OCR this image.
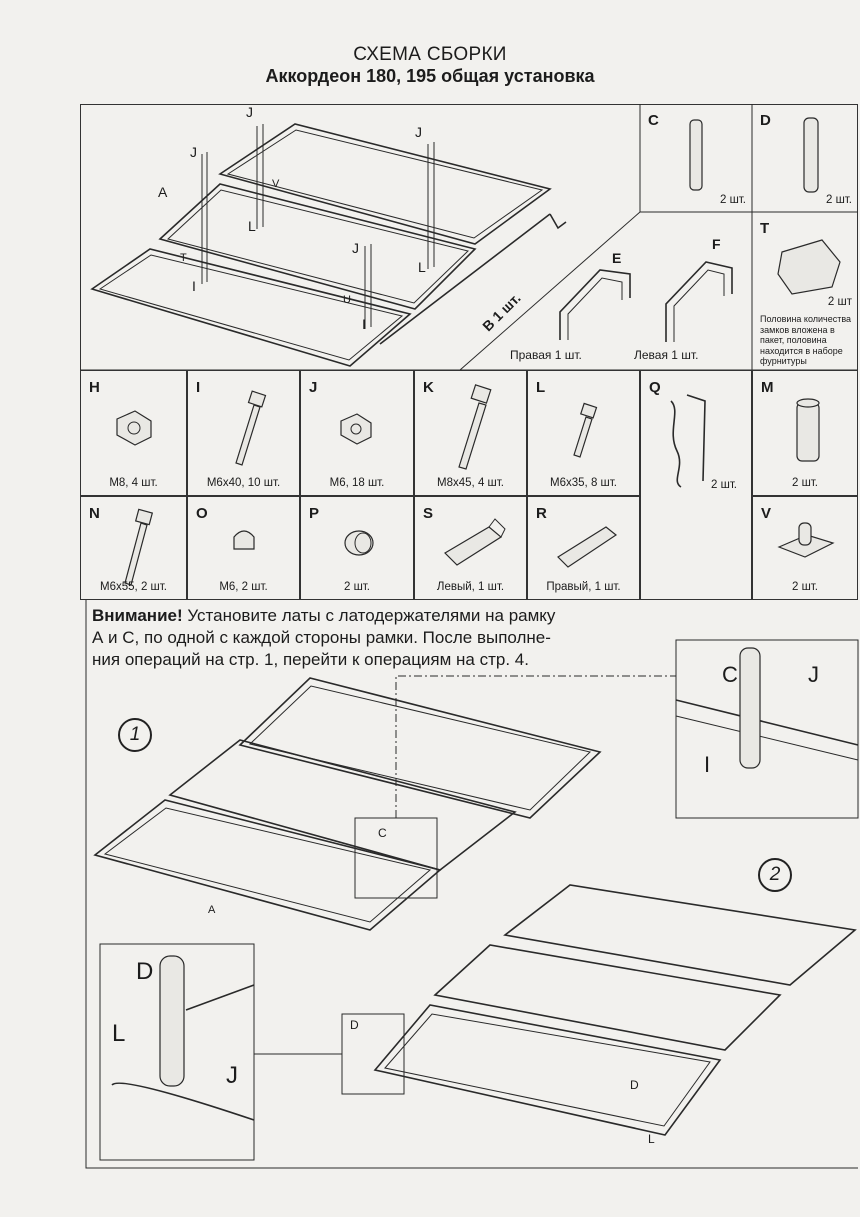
СХЕМА СБОРКИ
Аккордеон 180, 195 общая установка
A
B 1 шт.
T
U
V
J
J
J
J
L
L
I
I
C
2 шт.
D
2 шт.
T
2 шт
Половина количества замков вложена в пакет, половина находится в наборе фурнитуры
E
F
Правая 1 шт.	Левая 1 шт.
H
M8, 4 шт.
I
M6x40, 10 шт.
J
M6, 18 шт.
K
M8x45, 4 шт.
L
M6x35, 8 шт.
Q
2 шт.
M
2 шт.
N
M6x55, 2 шт.
O
M6, 2 шт.
P
2 шт.
S
Левый, 1 шт.
R
Правый, 1 шт.
V
2 шт.
Внимание! Установите латы с латодержателями на рамку
А и С, по одной с каждой стороны рамки. После выполне-
ния операций на стр. 1, перейти к операциям на стр. 4.
1
2
A
C	J
I
D
L
J
C
D
D
L
